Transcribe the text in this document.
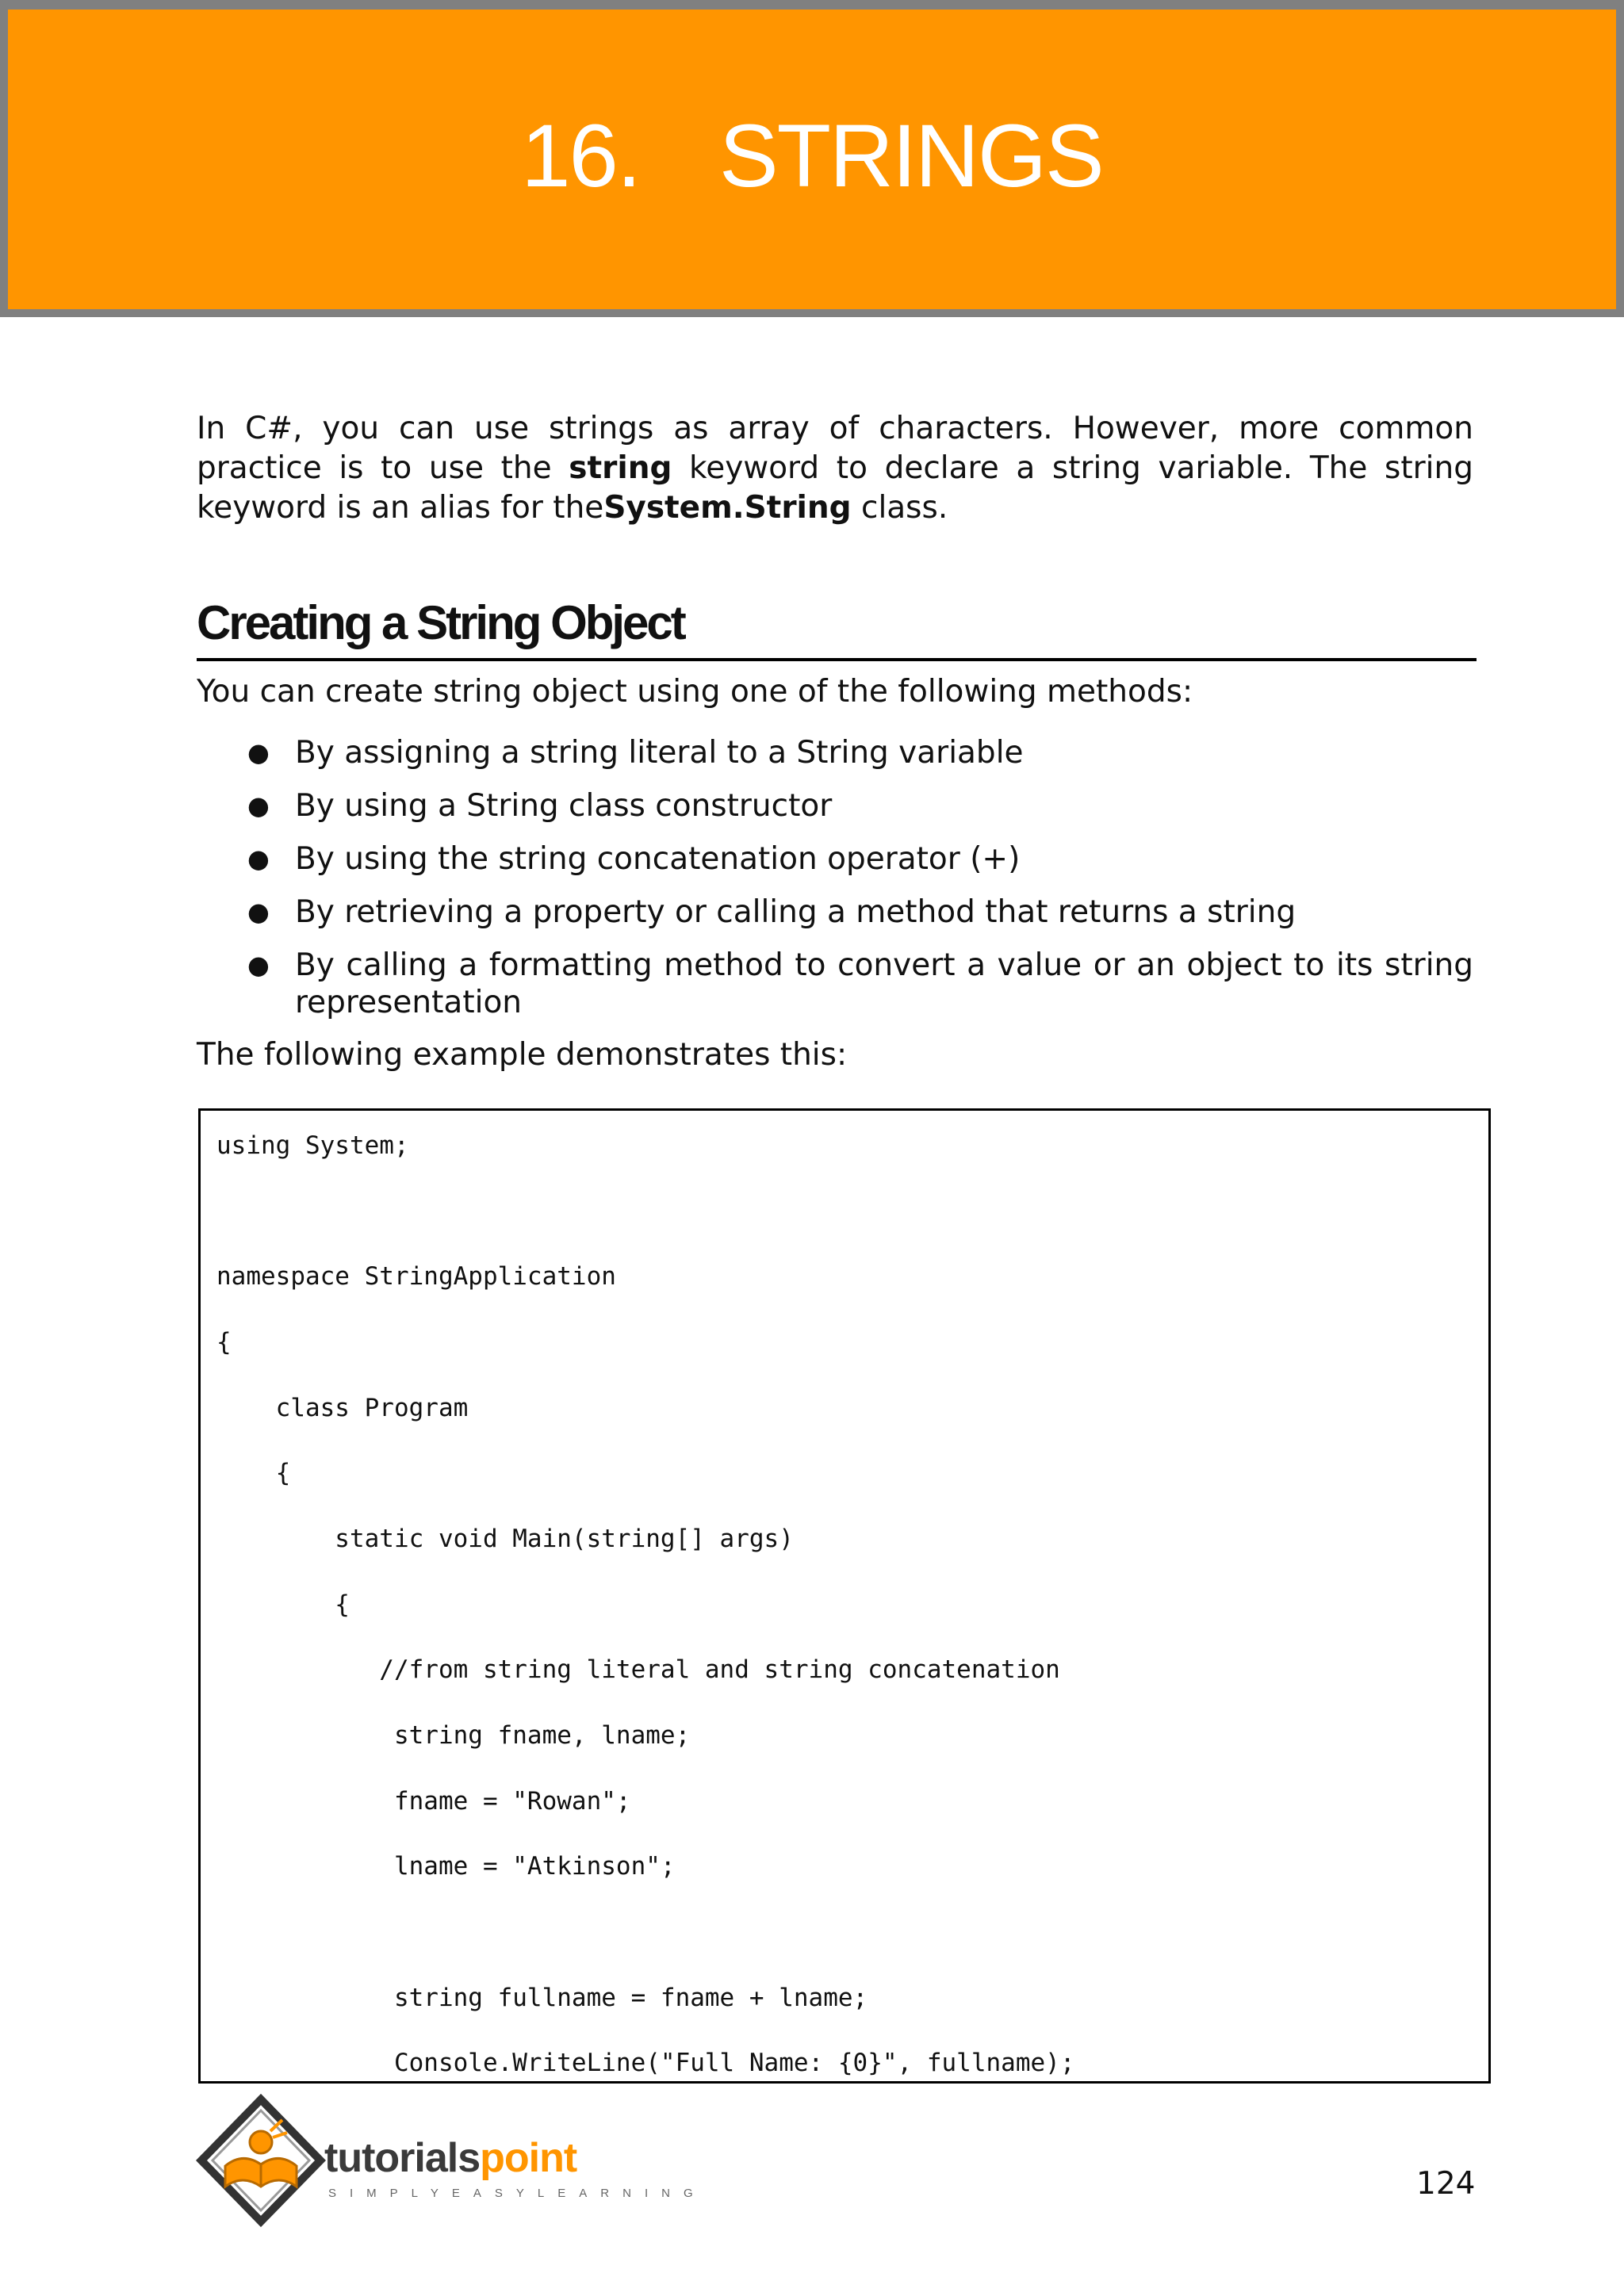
16. STRINGS

In C#, you can use strings as array of characters. However, more common practice is to use the string keyword to declare a string variable. The string keyword is an alias for theSystem.String class.

Creating a String Object

You can create string object using one of the following methods:

● By assigning a string literal to a String variable
● By using a String class constructor
● By using the string concatenation operator (+)
● By retrieving a property or calling a method that returns a string
● By calling a formatting method to convert a value or an object to its string representation

The following example demonstrates this:

using System;
namespace StringApplication
{
class Program
{
static void Main(string[] args)
{
//from string literal and string concatenation
string fname, lname;
fname = "Rowan";
lname = "Atkinson";
string fullname = fname + lname;
Console.WriteLine("Full Name: {0}", fullname);
tutorialspoint
SIMPLYEASYLEARNING	124
